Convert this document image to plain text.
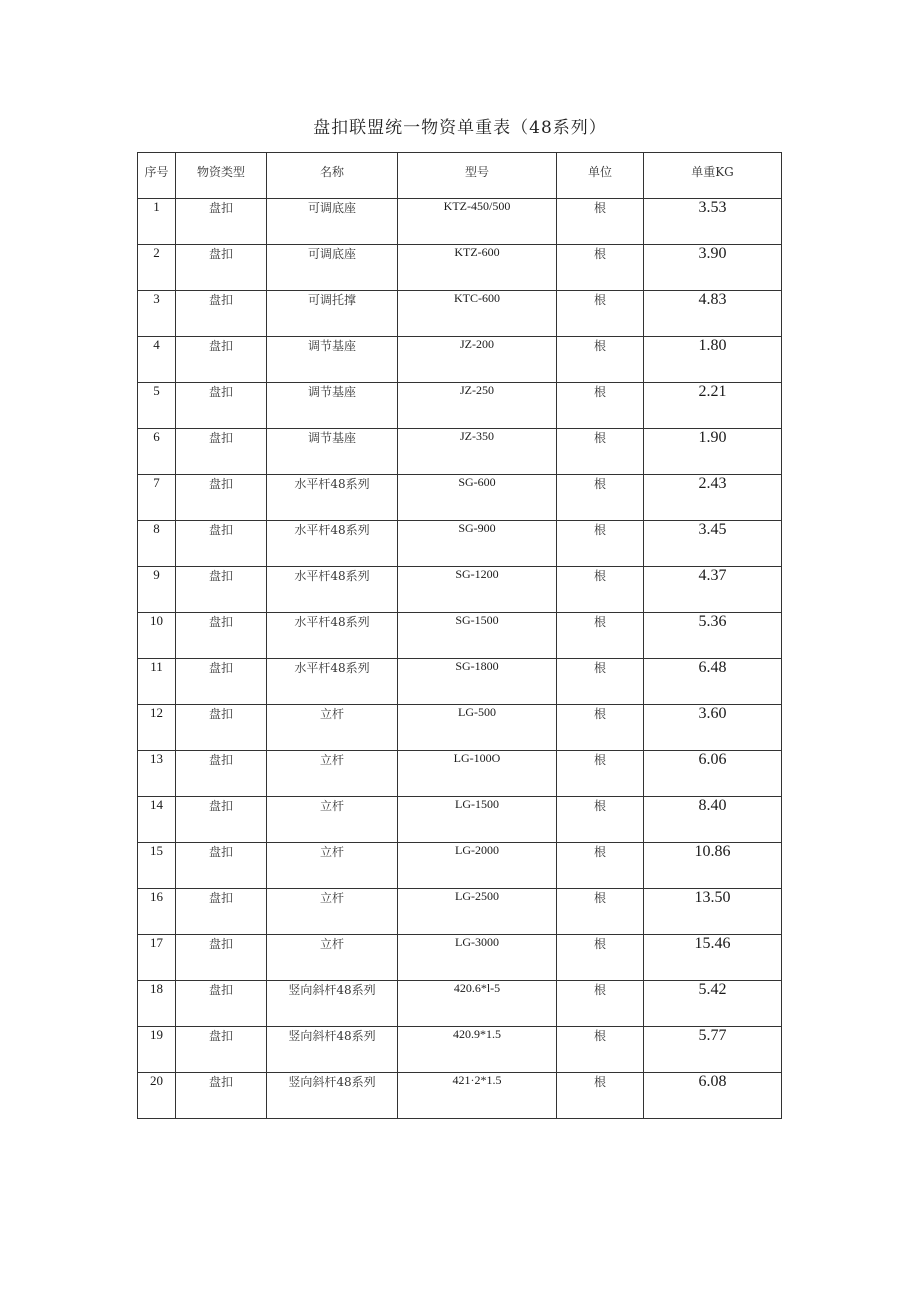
盘扣联盟统一物资单重表（48系列）
序号	物资类型	名称	型号	单位	单重KG
1	盘扣	可调底座	KTZ-450/500	根	3.53
2	盘扣	可调底座	KTZ-600	根	3.90
3	盘扣	可调托撑	KTC-600	根	4.83
4	盘扣	调节基座	JZ-200	根	1.80
5	盘扣	调节基座	JZ-250	根	2.21
6	盘扣	调节基座	JZ-350	根	1.90
7	盘扣	水平杆48系列	SG-600	根	2.43
8	盘扣	水平杆48系列	SG-900	根	3.45
9	盘扣	水平杆48系列	SG-1200	根	4.37
10	盘扣	水平杆48系列	SG-1500	根	5.36
11	盘扣	水平杆48系列	SG-1800	根	6.48
12	盘扣	立杆	LG-500	根	3.60
13	盘扣	立杆	LG-100O	根	6.06
14	盘扣	立杆	LG-1500	根	8.40
15	盘扣	立杆	LG-2000	根	10.86
16	盘扣	立杆	LG-2500	根	13.50
17	盘扣	立杆	LG-3000	根	15.46
18	盘扣	竖向斜杆48系列	420.6*l-5	根	5.42
19	盘扣	竖向斜杆48系列	420.9*1.5	根	5.77
20	盘扣	竖向斜杆48系列	421·2*1.5	根	6.08
